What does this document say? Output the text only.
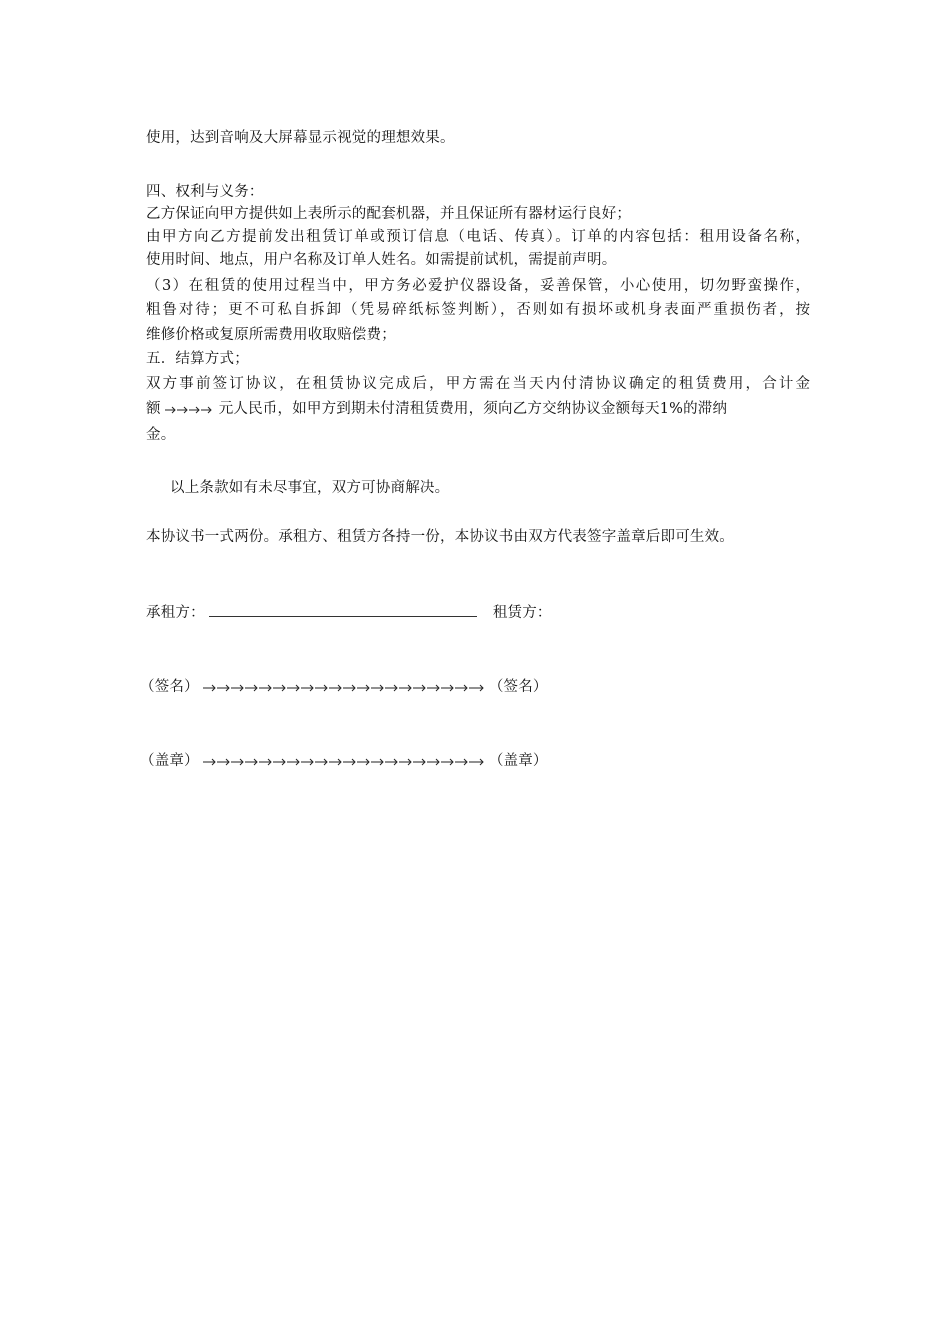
使用，达到音响及大屏幕显示视觉的理想效果。
四、权利与义务：
乙方保证向甲方提供如上表所示的配套机器，并且保证所有器材运行良好；
由甲方向乙方提前发出租赁订单或预订信息（电话、传真）。订单的内容包括：租用设备名称，
使用时间、地点，用户名称及订单人姓名。如需提前试机，需提前声明。
（3）在租赁的使用过程当中，甲方务必爱护仪器设备，妥善保管，小心使用，切勿野蛮操作，
粗鲁对待；更不可私自拆卸（凭易碎纸标签判断），否则如有损坏或机身表面严重损伤者，按
维修价格或复原所需费用收取赔偿费；
五．结算方式；
双方事前签订协议，在租赁协议完成后，甲方需在当天内付清协议确定的租赁费用，合计金
额	元人民币，如甲方到期未付清租赁费用，须向乙方交纳协议金额每天1%的滞纳
金。
以上条款如有未尽事宜，双方可协商解决。
本协议书一式两份。承租方、租赁方各持一份，本协议书由双方代表签字盖章后即可生效。
承租方：	租赁方：
（签名）	（签名）
（盖章）	（盖章）
